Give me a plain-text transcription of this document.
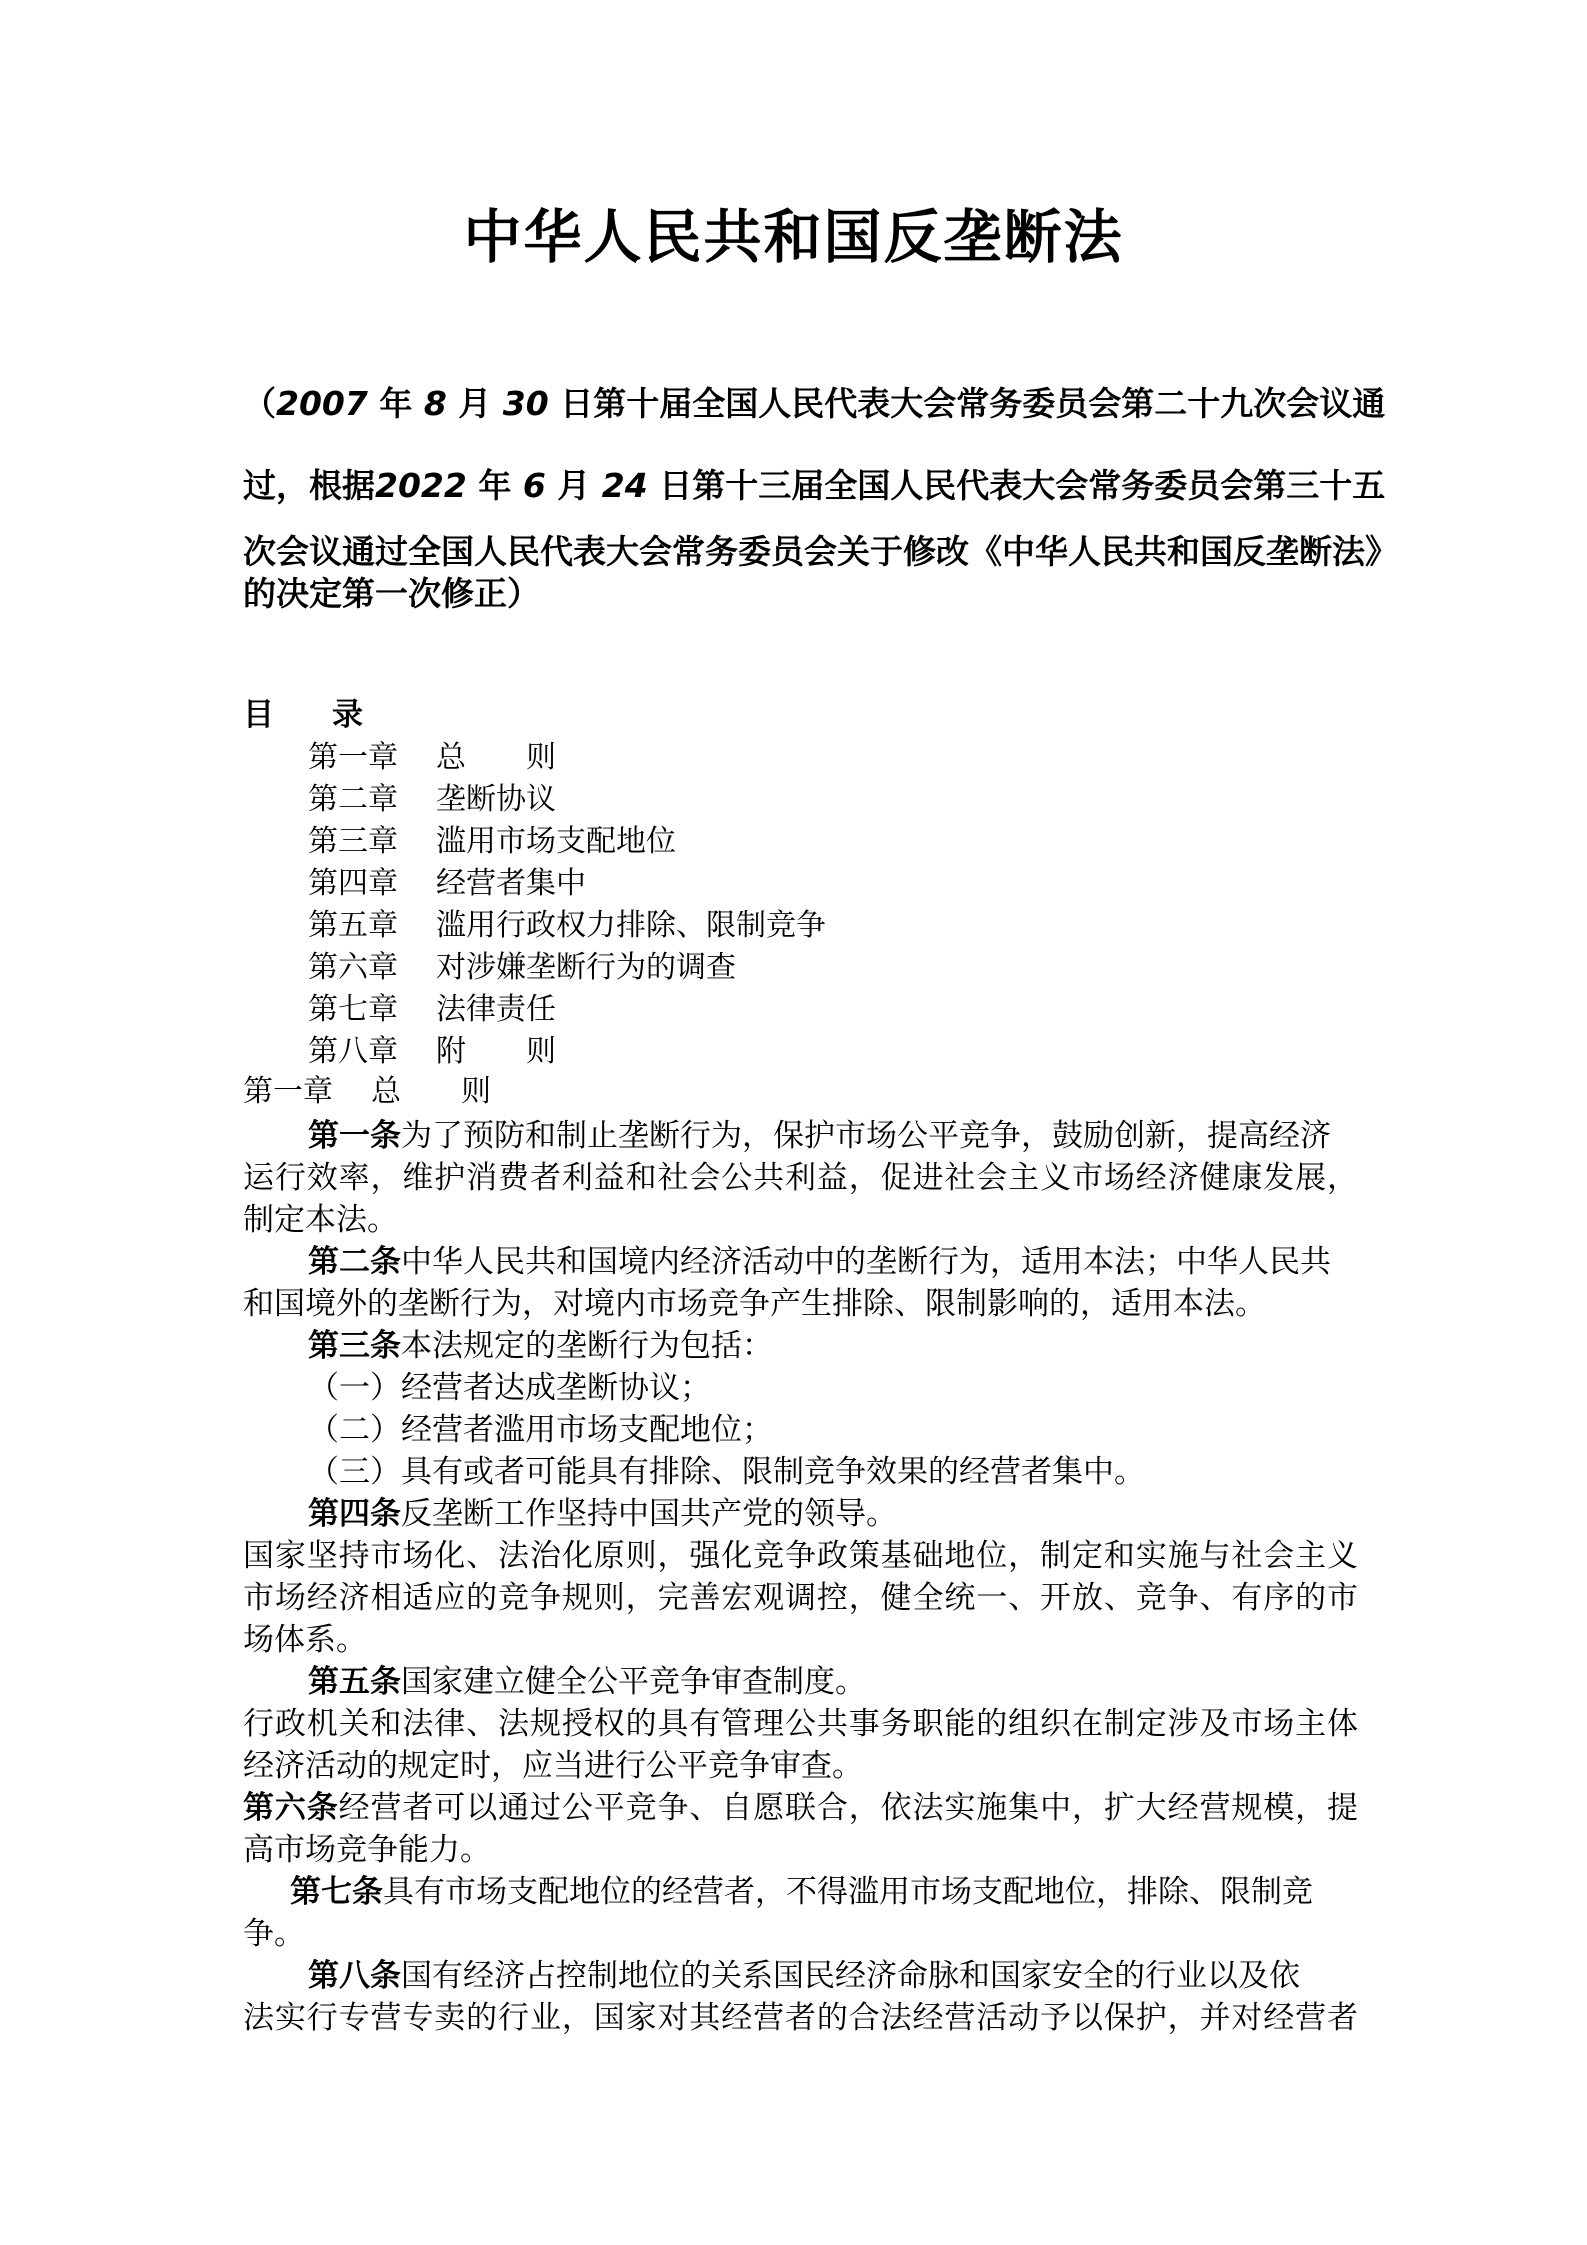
中华人民共和国反垄断法
（2007 年 8 月 30 日第十届全国人民代表大会常务委员会第二十九次会议通
过，根据2022 年 6 月 24 日第十三届全国人民代表大会常务委员会第三十五
次会议通过全国人民代表大会常务委员会关于修改《中华人民共和国反垄断法》
的决定第一次修正）
目 录
第一章 总　　则
第二章 垄断协议
第三章 滥用市场支配地位
第四章 经营者集中
第五章 滥用行政权力排除、限制竞争
第六章 对涉嫌垄断行为的调查
第七章 法律责任
第八章 附　　则
第一章 总　　则
第一条为了预防和制止垄断行为，保护市场公平竞争，鼓励创新，提高经济
运行效率，维护消费者利益和社会公共利益，促进社会主义市场经济健康发展，
制定本法。
第二条中华人民共和国境内经济活动中的垄断行为，适用本法；中华人民共
和国境外的垄断行为，对境内市场竞争产生排除、限制影响的，适用本法。
第三条本法规定的垄断行为包括：
（一）经营者达成垄断协议；
（二）经营者滥用市场支配地位；
（三）具有或者可能具有排除、限制竞争效果的经营者集中。
第四条反垄断工作坚持中国共产党的领导。
国家坚持市场化、法治化原则，强化竞争政策基础地位，制定和实施与社会主义
市场经济相适应的竞争规则，完善宏观调控，健全统一、开放、竞争、有序的市
场体系。
第五条国家建立健全公平竞争审查制度。
行政机关和法律、法规授权的具有管理公共事务职能的组织在制定涉及市场主体
经济活动的规定时，应当进行公平竞争审查。
第六条经营者可以通过公平竞争、自愿联合，依法实施集中，扩大经营规模，提
高市场竞争能力。
第七条具有市场支配地位的经营者，不得滥用市场支配地位，排除、限制竞
争。
第八条国有经济占控制地位的关系国民经济命脉和国家安全的行业以及依
法实行专营专卖的行业，国家对其经营者的合法经营活动予以保护，并对经营者
